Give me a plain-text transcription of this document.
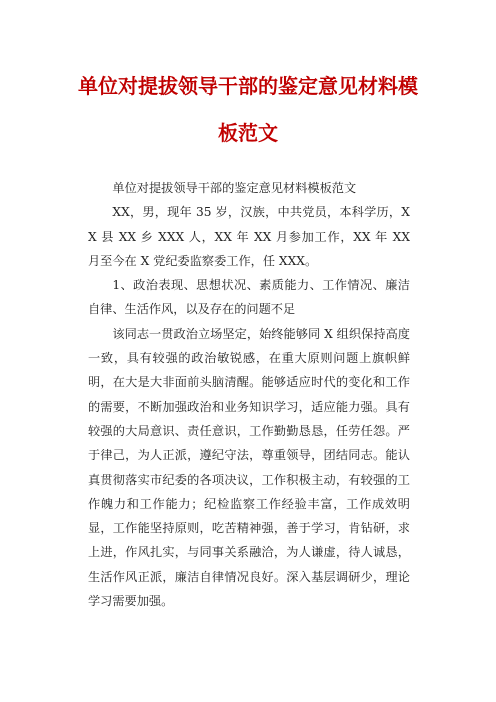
单位对提拔领导干部的鉴定意见材料模
板范文

单位对提拔领导干部的鉴定意见材料模板范文

XX，男，现年 35 岁，汉族，中共党员，本科学历，XX 县 XX 乡 XXX 人，XX 年 XX 月参加工作，XX 年 XX 月至今在 X 党纪委监察委工作，任 XXX。

1、政治表现、思想状况、素质能力、工作情况、廉洁自律、生活作风，以及存在的问题不足

该同志一贯政治立场坚定，始终能够同 X 组织保持高度一致，具有较强的政治敏锐感，在重大原则问题上旗帜鲜明，在大是大非面前头脑清醒。能够适应时代的变化和工作的需要，不断加强政治和业务知识学习，适应能力强。具有较强的大局意识、责任意识，工作勤勤恳恳，任劳任怨。严于律己，为人正派，遵纪守法，尊重领导，团结同志。能认真贯彻落实市纪委的各项决议，工作积极主动，有较强的工作魄力和工作能力；纪检监察工作经验丰富，工作成效明显，工作能坚持原则，吃苦精神强，善于学习，肯钻研，求上进，作风扎实，与同事关系融洽，为人谦虚，待人诚恳，生活作风正派，廉洁自律情况良好。深入基层调研少，理论学习需要加强。
